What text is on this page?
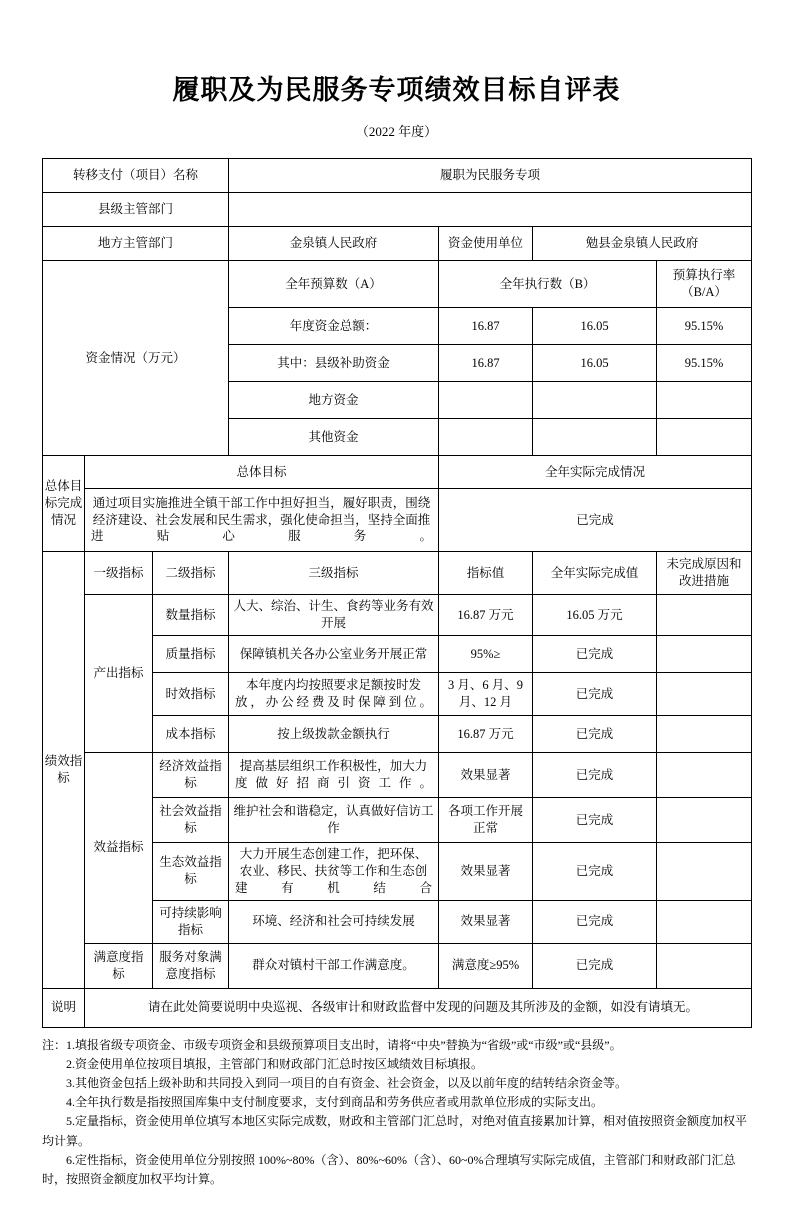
履职及为民服务专项绩效目标自评表
（2022 年度）
转移支付（项目）名称			履职为民服务专项			
县级主管部门						
地方主管部门			金泉镇人民政府	资金使用单位	勉县金泉镇人民政府	
资金情况（万元）			全年预算数（A）	全年执行数（B）		预算执行率（B/A）
			年度资金总额：	16.87	16.05	95.15%
			其中：县级补助资金	16.87	16.05	95.15%
			地方资金			
			其他资金			
总体目标完成情况	总体目标			全年实际完成情况		
	通过项目实施推进全镇干部工作中担好担当，履好职责，围绕经济建设、社会发展和民生需求，强化使命担当，坚持全面推进贴心服务。			已完成		
绩效指标	一级指标	二级指标	三级指标	指标值	全年实际完成值	未完成原因和改进措施
	产出指标	数量指标	人大、综治、计生、食药等业务有效开展	16.87 万元	16.05 万元	
		质量指标	保障镇机关各办公室业务开展正常	95%≥	已完成	
		时效指标	本年度内均按照要求足额按时发放，办公经费及时保障到位。	3 月、6 月、9 月、12 月	已完成	
		成本指标	按上级拨款金额执行	16.87 万元	已完成	
	效益指标	经济效益指标	提高基层组织工作积极性，加大力度做好招商引资工作。	效果显著	已完成	
		社会效益指标	维护社会和谐稳定，认真做好信访工作	各项工作开展正常	已完成	
		生态效益指标	大力开展生态创建工作，把环保、农业、移民、扶贫等工作和生态创建有机结合	效果显著	已完成	
		可持续影响指标	环境、经济和社会可持续发展	效果显著	已完成	
	满意度指标	服务对象满意度指标	群众对镇村干部工作满意度。	满意度≥95%	已完成	
说明	请在此处简要说明中央巡视、各级审计和财政监督中发现的问题及其所涉及的金额，如没有请填无。					

注：1.填报省级专项资金、市级专项资金和县级预算项目支出时，请将“中央”替换为“省级”或“市级”或“县级”。

2.资金使用单位按项目填报，主管部门和财政部门汇总时按区域绩效目标填报。

3.其他资金包括上级补助和共同投入到同一项目的自有资金、社会资金，以及以前年度的结转结余资金等。

4.全年执行数是指按照国库集中支付制度要求，支付到商品和劳务供应者或用款单位形成的实际支出。

5.定量指标，资金使用单位填写本地区实际完成数，财政和主管部门汇总时，对绝对值直接累加计算，相对值按照资金额度加权平均计算。

6.定性指标，资金使用单位分别按照 100%~80%（含）、80%~60%（含）、60~0%合理填写实际完成值，主管部门和财政部门汇总时，按照资金额度加权平均计算。
